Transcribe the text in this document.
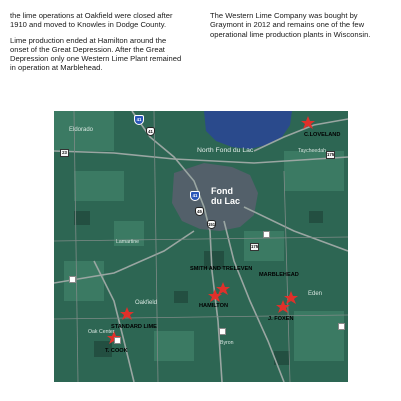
the lime operations at Oakfield were closed after
1910 and moved to Knowles in Dodge County.

Lime production ended at Hamilton around the
onset of the Great Depression. After the Great
Depression only one Western Lime Plant remained
in operation at Marblehead.

The Western Lime Company was bought by
Graymont in 2012 and remains one of the few
operational lime production plants in Wisconsin.

Eldorado
North Fond du Lac	Taycheedah
Fond
du Lac
Lamartine
Oakfield
Oak Center
Eden
Byron
C.LOVELAND
SMITH AND TRELEVEN
MARBLEHEAD
HAMILTON
J. FOXEN
STANDARD LIME
T. COOK
41
41
41
45
151
23	175
175
